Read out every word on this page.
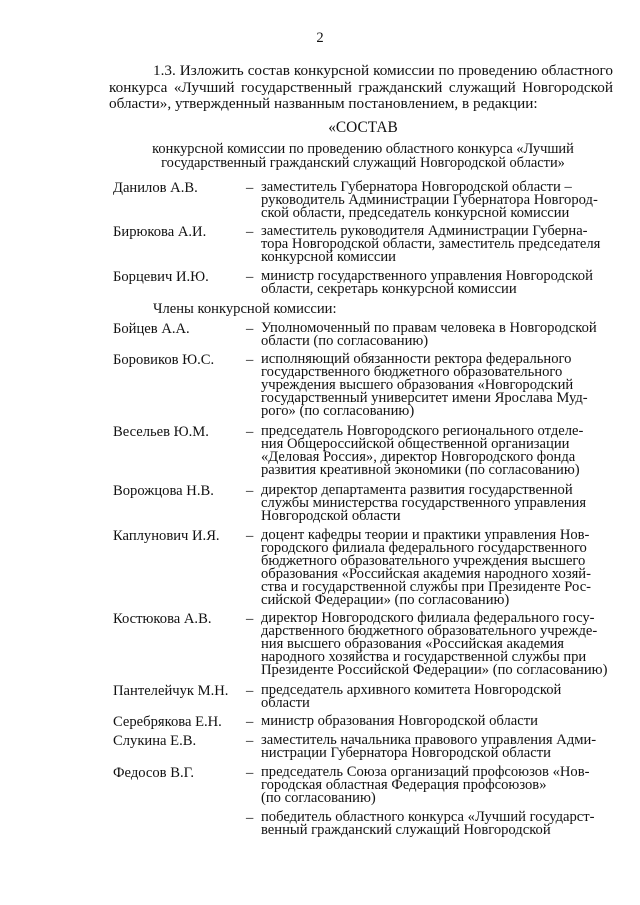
2
1.3. Изложить состав конкурсной комиссии по проведению областного конкурса «Лучший государственный гражданский служащий Новгородской области», утвержденный названным постановлением, в редакции:
«СОСТАВ
конкурсной комиссии по проведению областного конкурса «Лучший
государственный гражданский служащий Новгородской области»
Данилов А.В.	– заместитель Губернатора Новгородской области –
руководитель Администрации Губернатора Новгород-
ской области, председатель конкурсной комиссии
Бирюкова А.И.	– заместитель руководителя Администрации Губерна-
тора Новгородской области, заместитель председателя
конкурсной комиссии
Борцевич И.Ю.	– министр государственного управления Новгородской
области, секретарь конкурсной комиссии
Члены конкурсной комиссии:
Бойцев А.А.	– Уполномоченный по правам человека в Новгородской
области (по согласованию)
Боровиков Ю.С. – исполняющий обязанности ректора федерального
государственного бюджетного образовательного
учреждения высшего образования «Новгородский
государственный университет имени Ярослава Муд-
рого» (по согласованию)
Весельев Ю.М.	– председатель Новгородского регионального отделе-
ния Общероссийской общественной организации
«Деловая Россия», директор Новгородского фонда
развития креативной экономики (по согласованию)
Ворожцова Н.В. – директор департамента развития государственной
службы министерства государственного управления
Новгородской области
Каплунович И.Я. – доцент кафедры теории и практики управления Нов-
городского филиала федерального государственного
бюджетного образовательного учреждения высшего
образования «Российская академия народного хозяй-
ства и государственной службы при Президенте Рос-
сийской Федерации» (по согласованию)
Костюкова А.В. – директор Новгородского филиала федерального госу-
дарственного бюджетного образовательного учрежде-
ния высшего образования «Российская академия
народного хозяйства и государственной службы при
Президенте Российской Федерации» (по согласованию)
Пантелейчук М.Н. – председатель архивного комитета Новгородской
области
Серебрякова Е.Н. – министр образования Новгородской области
Слукина Е.В.	– заместитель начальника правового управления Адми-
нистрации Губернатора Новгородской области
Федосов В.Г.	– председатель Союза организаций профсоюзов «Нов-
городская областная Федерация профсоюзов»
(по согласованию)
– победитель областного конкурса «Лучший государст-
венный гражданский служащий Новгородской
